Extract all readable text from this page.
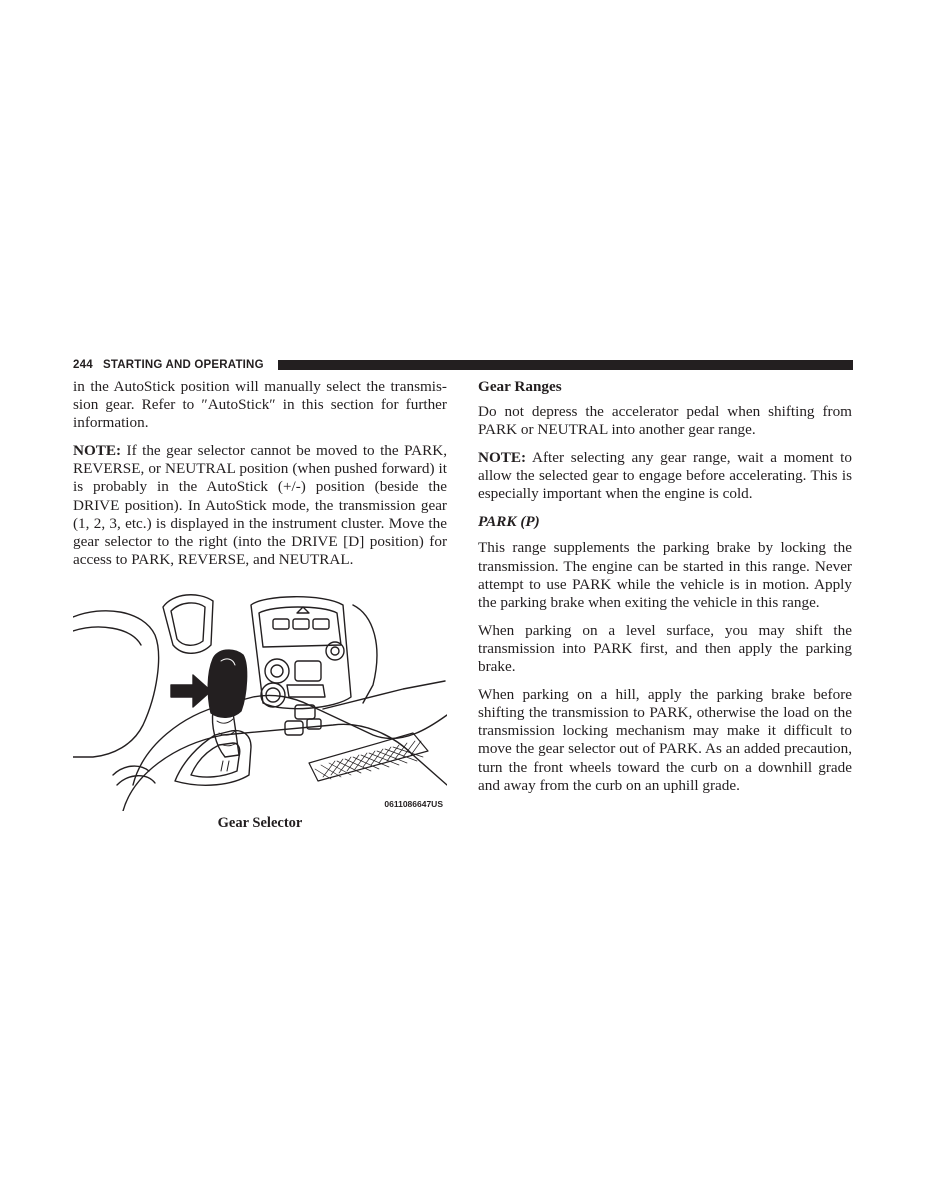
244 STARTING AND OPERATING

in the AutoStick position will manually select the transmis-sion gear. Refer to ″AutoStick″ in this section for further information.

NOTE: If the gear selector cannot be moved to the PARK, REVERSE, or NEUTRAL position (when pushed forward) it is probably in the AutoStick (+/-) position (beside the DRIVE position). In AutoStick mode, the transmission gear (1, 2, 3, etc.) is displayed in the instrument cluster. Move the gear selector to the right (into the DRIVE [D] position) for access to PARK, REVERSE, and NEUTRAL.

0611086647US
Gear Selector
Gear Ranges

Do not depress the accelerator pedal when shifting from PARK or NEUTRAL into another gear range.

NOTE: After selecting any gear range, wait a moment to allow the selected gear to engage before accelerating. This is especially important when the engine is cold.

PARK (P)

This range supplements the parking brake by locking the transmission. The engine can be started in this range. Never attempt to use PARK while the vehicle is in motion. Apply the parking brake when exiting the vehicle in this range.

When parking on a level surface, you may shift the transmission into PARK first, and then apply the parking brake.

When parking on a hill, apply the parking brake before shifting the transmission to PARK, otherwise the load on the transmission locking mechanism may make it difficult to move the gear selector out of PARK. As an added precaution, turn the front wheels toward the curb on a downhill grade and away from the curb on an uphill grade.
